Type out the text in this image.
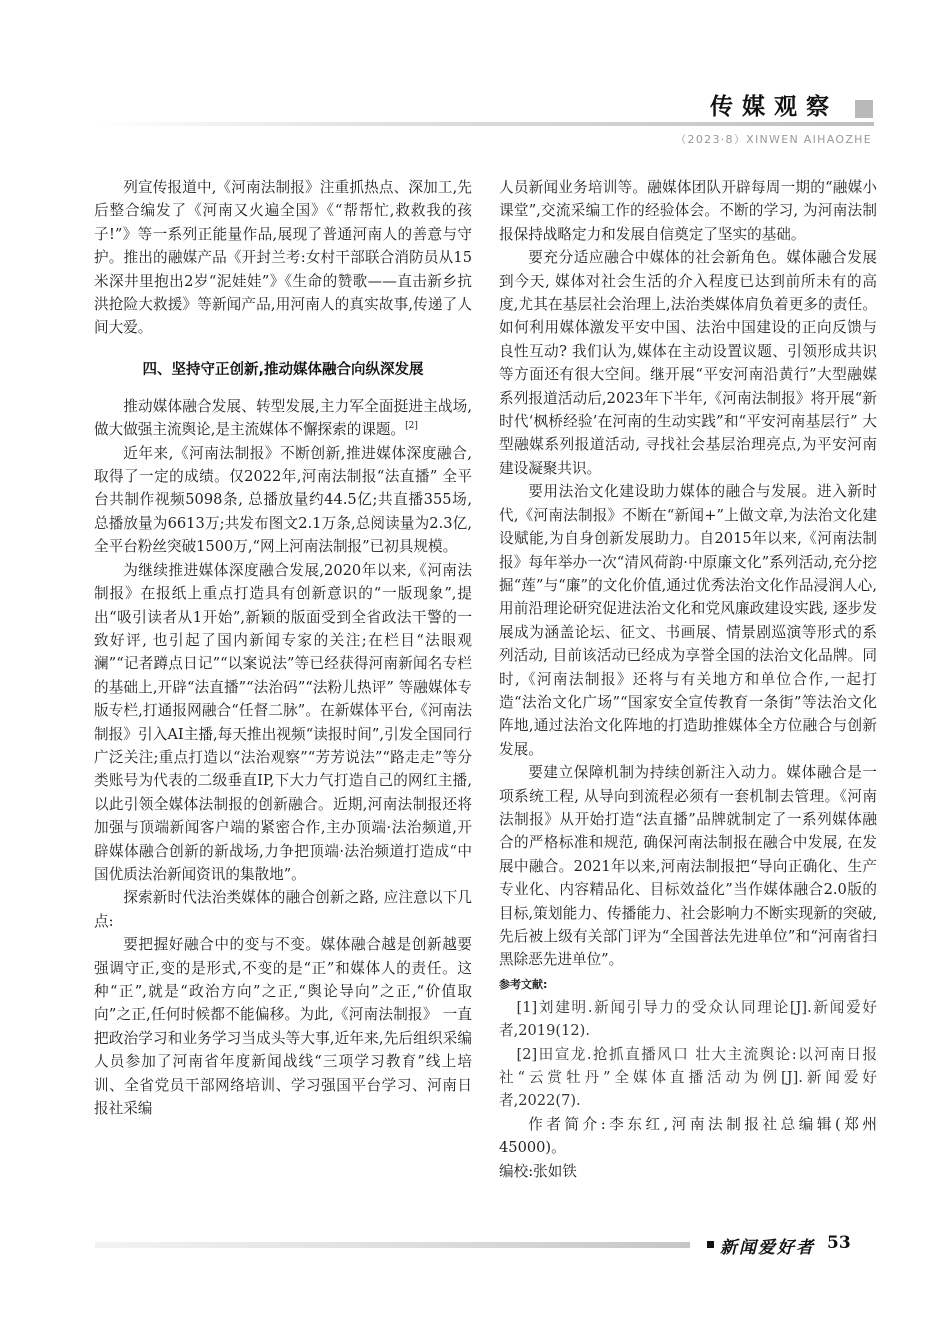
传媒观察
（2023·8）XINWEN AIHAOZHE

列宣传报道中,《河南法制报》注重抓热点、深加工,先后整合编发了《河南又火遍全国》《“帮帮忙,救救我的孩子!”》等一系列正能量作品,展现了普通河南人的善意与守护。推出的融媒产品《开封兰考:女村干部联合消防员从15米深井里抱出2岁“泥娃娃”》《生命的赞歌——直击新乡抗洪抢险大救援》等新闻产品,用河南人的真实故事,传递了人间大爱。

四、坚持守正创新,推动媒体融合向纵深发展

推动媒体融合发展、转型发展,主力军全面挺进主战场,做大做强主流舆论,是主流媒体不懈探索的课题。[2]

近年来,《河南法制报》不断创新,推进媒体深度融合,取得了一定的成绩。仅2022年,河南法制报“法直播” 全平台共制作视频5098条, 总播放量约44.5亿;共直播355场,总播放量为6613万;共发布图文2.1万条,总阅读量为2.3亿,全平台粉丝突破1500万,“网上河南法制报”已初具规模。

为继续推进媒体深度融合发展,2020年以来,《河南法制报》在报纸上重点打造具有创新意识的“一版现象”,提出“吸引读者从1开始”,新颖的版面受到全省政法干警的一致好评, 也引起了国内新闻专家的关注;在栏目“法眼观澜”“记者蹲点日记”“以案说法”等已经获得河南新闻名专栏的基础上,开辟“法直播”“法治码”“法粉儿热评” 等融媒体专版专栏,打通报网融合“任督二脉”。在新媒体平台,《河南法制报》引入AI主播,每天推出视频“读报时间”,引发全国同行广泛关注;重点打造以“法治观察”“芳芳说法”“路走走”等分类账号为代表的二级垂直IP,下大力气打造自己的网红主播, 以此引领全媒体法制报的创新融合。近期,河南法制报还将加强与顶端新闻客户端的紧密合作,主办顶端·法治频道,开辟媒体融合创新的新战场,力争把顶端·法治频道打造成“中国优质法治新闻资讯的集散地”。

探索新时代法治类媒体的融合创新之路, 应注意以下几点:

要把握好融合中的变与不变。媒体融合越是创新越要强调守正,变的是形式,不变的是“正”和媒体人的责任。这种“正”,就是“政治方向”之正,“舆论导向”之正,“价值取向”之正,任何时候都不能偏移。为此,《河南法制报》 一直把政治学习和业务学习当成头等大事,近年来,先后组织采编人员参加了河南省年度新闻战线“三项学习教育”线上培训、全省党员干部网络培训、学习强国平台学习、河南日报社采编

人员新闻业务培训等。融媒体团队开辟每周一期的“融媒小课堂”,交流采编工作的经验体会。不断的学习, 为河南法制报保持战略定力和发展自信奠定了坚实的基础。

要充分适应融合中媒体的社会新角色。媒体融合发展到今天, 媒体对社会生活的介入程度已达到前所未有的高度,尤其在基层社会治理上,法治类媒体肩负着更多的责任。如何利用媒体激发平安中国、法治中国建设的正向反馈与良性互动? 我们认为,媒体在主动设置议题、引领形成共识等方面还有很大空间。继开展“平安河南沿黄行”大型融媒系列报道活动后,2023年下半年,《河南法制报》将开展“新时代‘枫桥经验’在河南的生动实践”和“平安河南基层行” 大型融媒系列报道活动, 寻找社会基层治理亮点,为平安河南建设凝聚共识。

要用法治文化建设助力媒体的融合与发展。进入新时代,《河南法制报》不断在“新闻+”上做文章,为法治文化建设赋能,为自身创新发展助力。自2015年以来,《河南法制报》每年举办一次“清风荷韵·中原廉文化”系列活动,充分挖掘“莲”与“廉”的文化价值,通过优秀法治文化作品浸润人心,用前沿理论研究促进法治文化和党风廉政建设实践, 逐步发展成为涵盖论坛、征文、书画展、情景剧巡演等形式的系列活动, 目前该活动已经成为享誉全国的法治文化品牌。同时,《河南法制报》还将与有关地方和单位合作,一起打造“法治文化广场”“国家安全宣传教育一条街”等法治文化阵地,通过法治文化阵地的打造助推媒体全方位融合与创新发展。

要建立保障机制为持续创新注入动力。媒体融合是一项系统工程, 从导向到流程必须有一套机制去管理。《河南法制报》从开始打造“法直播”品牌就制定了一系列媒体融合的严格标准和规范, 确保河南法制报在融合中发展, 在发展中融合。2021年以来,河南法制报把“导向正确化、生产专业化、内容精品化、目标效益化”当作媒体融合2.0版的目标,策划能力、传播能力、社会影响力不断实现新的突破,先后被上级有关部门评为“全国普法先进单位”和“河南省扫黑除恶先进单位”。

参考文献:

[1]刘建明.新闻引导力的受众认同理论[J].新闻爱好者,2019(12).

[2]田宣龙.抢抓直播风口 壮大主流舆论:以河南日报社“云赏牡丹”全媒体直播活动为例[J].新闻爱好者,2022(7).

作者简介:李东红,河南法制报社总编辑(郑州 45000)。

编校:张如铁

新闻爱好者 53
